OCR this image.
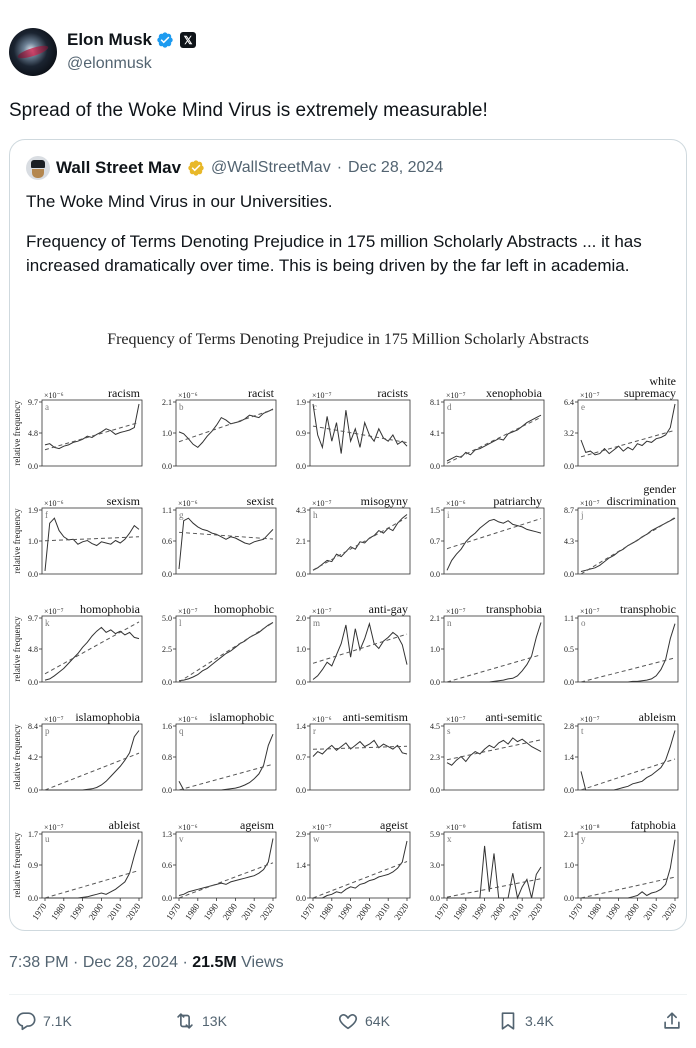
Elon Musk	𝕏
@elonmusk
Spread of the Woke Mind Virus is extremely measurable!
Wall Street Mav @WallStreetMav · Dec 28, 2024

The Woke Mind Virus in our Universities.

Frequency of Terms Denoting Prejudice in 175 million Scholarly Abstracts ... it has increased dramatically over time. This is being driven by the far left in academia.

Frequency of Terms Denoting Prejudice in 175 Million Scholarly Abstracts
9.7
4.8
0.0
×10⁻⁶
a
racism
2.1
1.0
0.0
×10⁻⁶
b
racist
1.9
0.9
0.0
×10⁻⁷
c
racists
8.1
4.1
0.0
×10⁻⁷
d
xenophobia
6.4
3.2
0.0
×10⁻⁷
e
white
supremacy
1.9
1.0
0.0
×10⁻⁶
f
sexism
1.1
0.6
0.0
×10⁻⁶
g
sexist
4.3
2.1
0.0
×10⁻⁷
h
misogyny
1.5
0.7
0.0
×10⁻⁶
i
patriarchy
8.7
4.3
0.0
×10⁻⁷
j
gender
discrimination
9.7
4.8
0.0
×10⁻⁷
k
homophobia
5.0
2.5
0.0
×10⁻⁷
l
homophobic
2.0
1.0
0.0
×10⁻⁷
m
anti-gay
2.1
1.0
0.0
×10⁻⁷
n
transphobia
1.1
0.5
0.0
×10⁻⁷
o
transphobic
8.4
4.2
0.0
×10⁻⁷
p
islamophobia
1.6
0.8
0.0
×10⁻⁶
q
islamophobic
1.4
0.7
0.0
×10⁻⁶
r
anti-semitism
4.5
2.3
0.0
×10⁻⁷
s
anti-semitic
2.8
1.4
0.0
×10⁻⁷
t
ableism
1.7
0.9
0.0
×10⁻⁷
u
ableist
1.3
0.6
0.0
×10⁻⁶
v
ageism
2.9
1.4
0.0
×10⁻⁷
w
ageist
5.9
3.0
0.0
×10⁻⁹
x
fatism
2.1
1.0
0.0
×10⁻⁸
y
fatphobia
relative frequency
relative frequency
relative frequency
relative frequency
relative frequency
1970 1980 1990 2000 2010 2020 1970 1980 1990 2000 2010 2020 1970 1980 1990 2000 2010 2020 1970 1980 1990 2000 2010 2020 1970 1980 1990 2000 2010 2020
7:38 PM · Dec 28, 2024 · 21.5M Views
7.1K	13K	64K	3.4K
